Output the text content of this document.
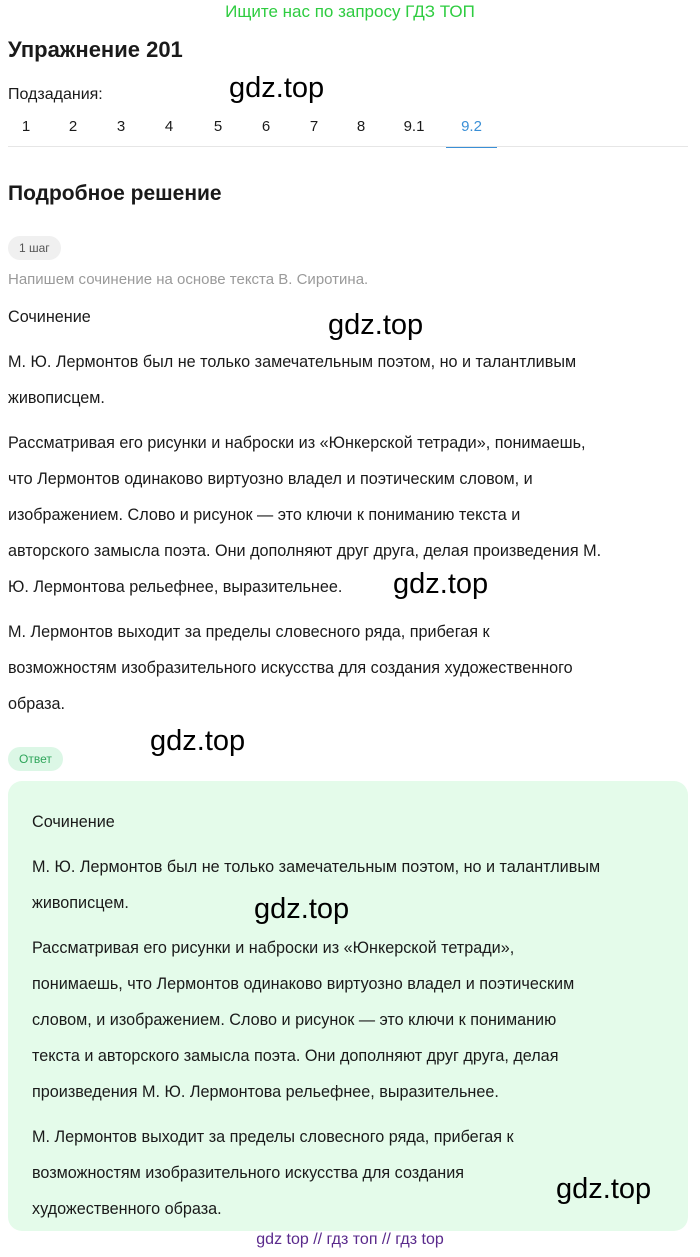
Ищите нас по запросу ГДЗ ТОП
Упражнение 201
Подзадания:
1	2	3	4	5	6	7	8	9.1	9.2
Подробное решение
1 шаг
Напишем сочинение на основе текста В. Сиротина.
Сочинение
М. Ю. Лермонтов был не только замечательным поэтом, но и талантливым
живописцем.
Рассматривая его рисунки и наброски из «Юнкерской тетради», понимаешь,
что Лермонтов одинаково виртуозно владел и поэтическим словом, и
изображением. Слово и рисунок — это ключи к пониманию текста и
авторского замысла поэта. Они дополняют друг друга, делая произведения М.
Ю. Лермонтова рельефнее, выразительнее.
М. Лермонтов выходит за пределы словесного ряда, прибегая к
возможностям изобразительного искусства для создания художественного
образа.
Ответ
Сочинение
М. Ю. Лермонтов был не только замечательным поэтом, но и талантливым
живописцем.
Рассматривая его рисунки и наброски из «Юнкерской тетради»,
понимаешь, что Лермонтов одинаково виртуозно владел и поэтическим
словом, и изображением. Слово и рисунок — это ключи к пониманию
текста и авторского замысла поэта. Они дополняют друг друга, делая
произведения М. Ю. Лермонтова рельефнее, выразительнее.
М. Лермонтов выходит за пределы словесного ряда, прибегая к
возможностям изобразительного искусства для создания
художественного образа.
gdz.top
gdz.top
gdz.top
gdz.top
gdz.top
gdz.top
gdz top // гдз топ // гдз top
